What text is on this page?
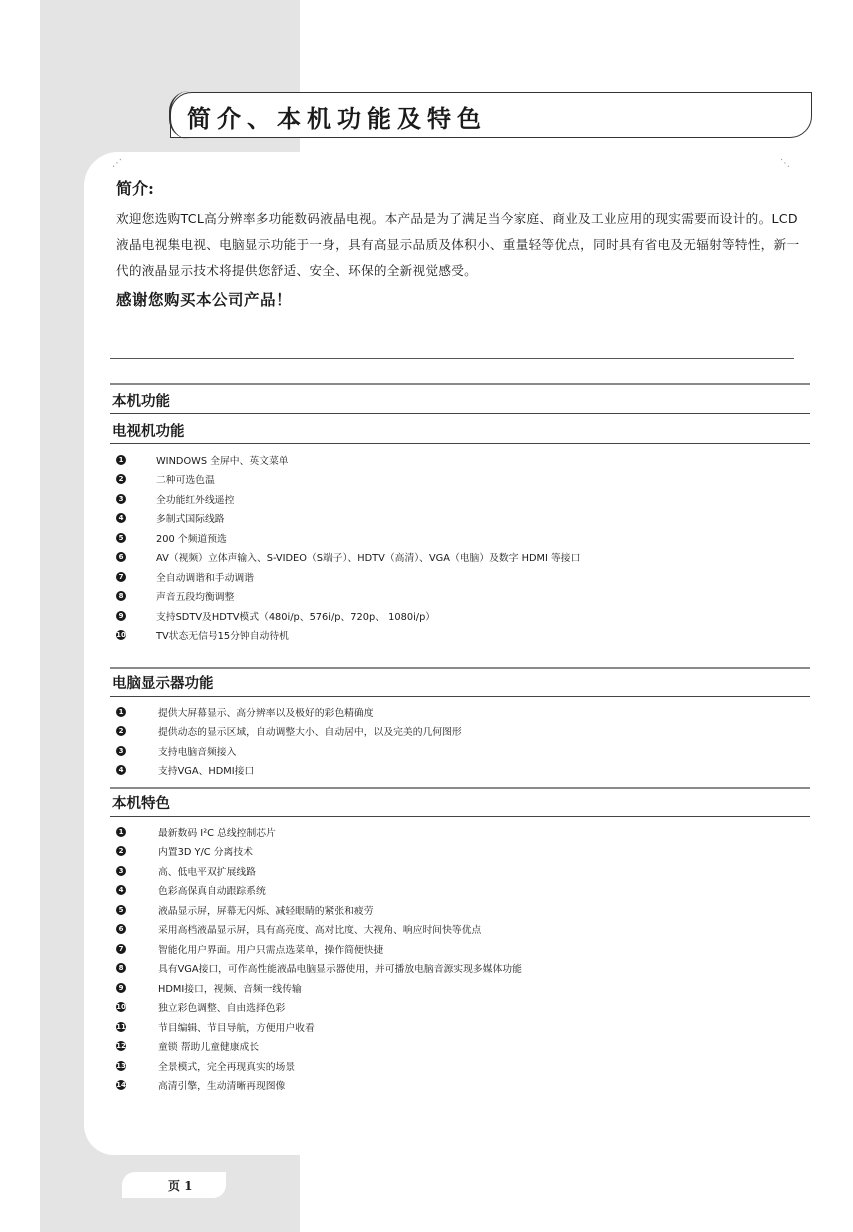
简介、本机功能及特色
⋰	⋱
简介:

欢迎您选购TCL高分辨率多功能数码液晶电视。本产品是为了满足当今家庭、商业及工业应用的现实需要而设计的。LCD液晶电视集电视、电脑显示功能于一身，具有高显示品质及体积小、重量轻等优点，同时具有省电及无辐射等特性，新一代的液晶显示技术将提供您舒适、安全、环保的全新视觉感受。

感谢您购买本公司产品！
本机功能
电视机功能
1	WINDOWS 全屏中、英文菜单
2	二种可选色温
3	全功能红外线遥控
4	多制式国际线路
5	200 个频道预选
6	AV（视频）立体声输入、S-VIDEO（S端子）、HDTV（高清）、VGA（电脑）及数字 HDMI 等接口
7	全自动调谐和手动调谐
8	声音五段均衡调整
9	支持SDTV及HDTV模式（480i/p、576i/p、720p、 1080i/p）
10	TV状态无信号15分钟自动待机
电脑显示器功能
1	提供大屏幕显示、高分辨率以及极好的彩色精确度
2	提供动态的显示区域，自动调整大小、自动居中，以及完美的几何图形
3	支持电脑音频接入
4	支持VGA、HDMI接口
本机特色
1	最新数码 I²C 总线控制芯片
2	内置3D Y/C 分离技术
3	高、低电平双扩展线路
4	色彩高保真自动跟踪系统
5	液晶显示屏，屏幕无闪烁、减轻眼睛的紧张和疲劳
6	采用高档液晶显示屏，具有高亮度、高对比度、大视角、响应时间快等优点
7	智能化用户界面。用户只需点选菜单，操作简便快捷
8	具有VGA接口，可作高性能液晶电脑显示器使用，并可播放电脑音源实现多媒体功能
9	HDMI接口，视频、音频一线传输
10	独立彩色调整、自由选择色彩
11	节目编辑、节目导航，方便用户收看
12	童锁 帮助儿童健康成长
13	全景模式，完全再现真实的场景
14	高清引擎，生动清晰再现图像
页 1
